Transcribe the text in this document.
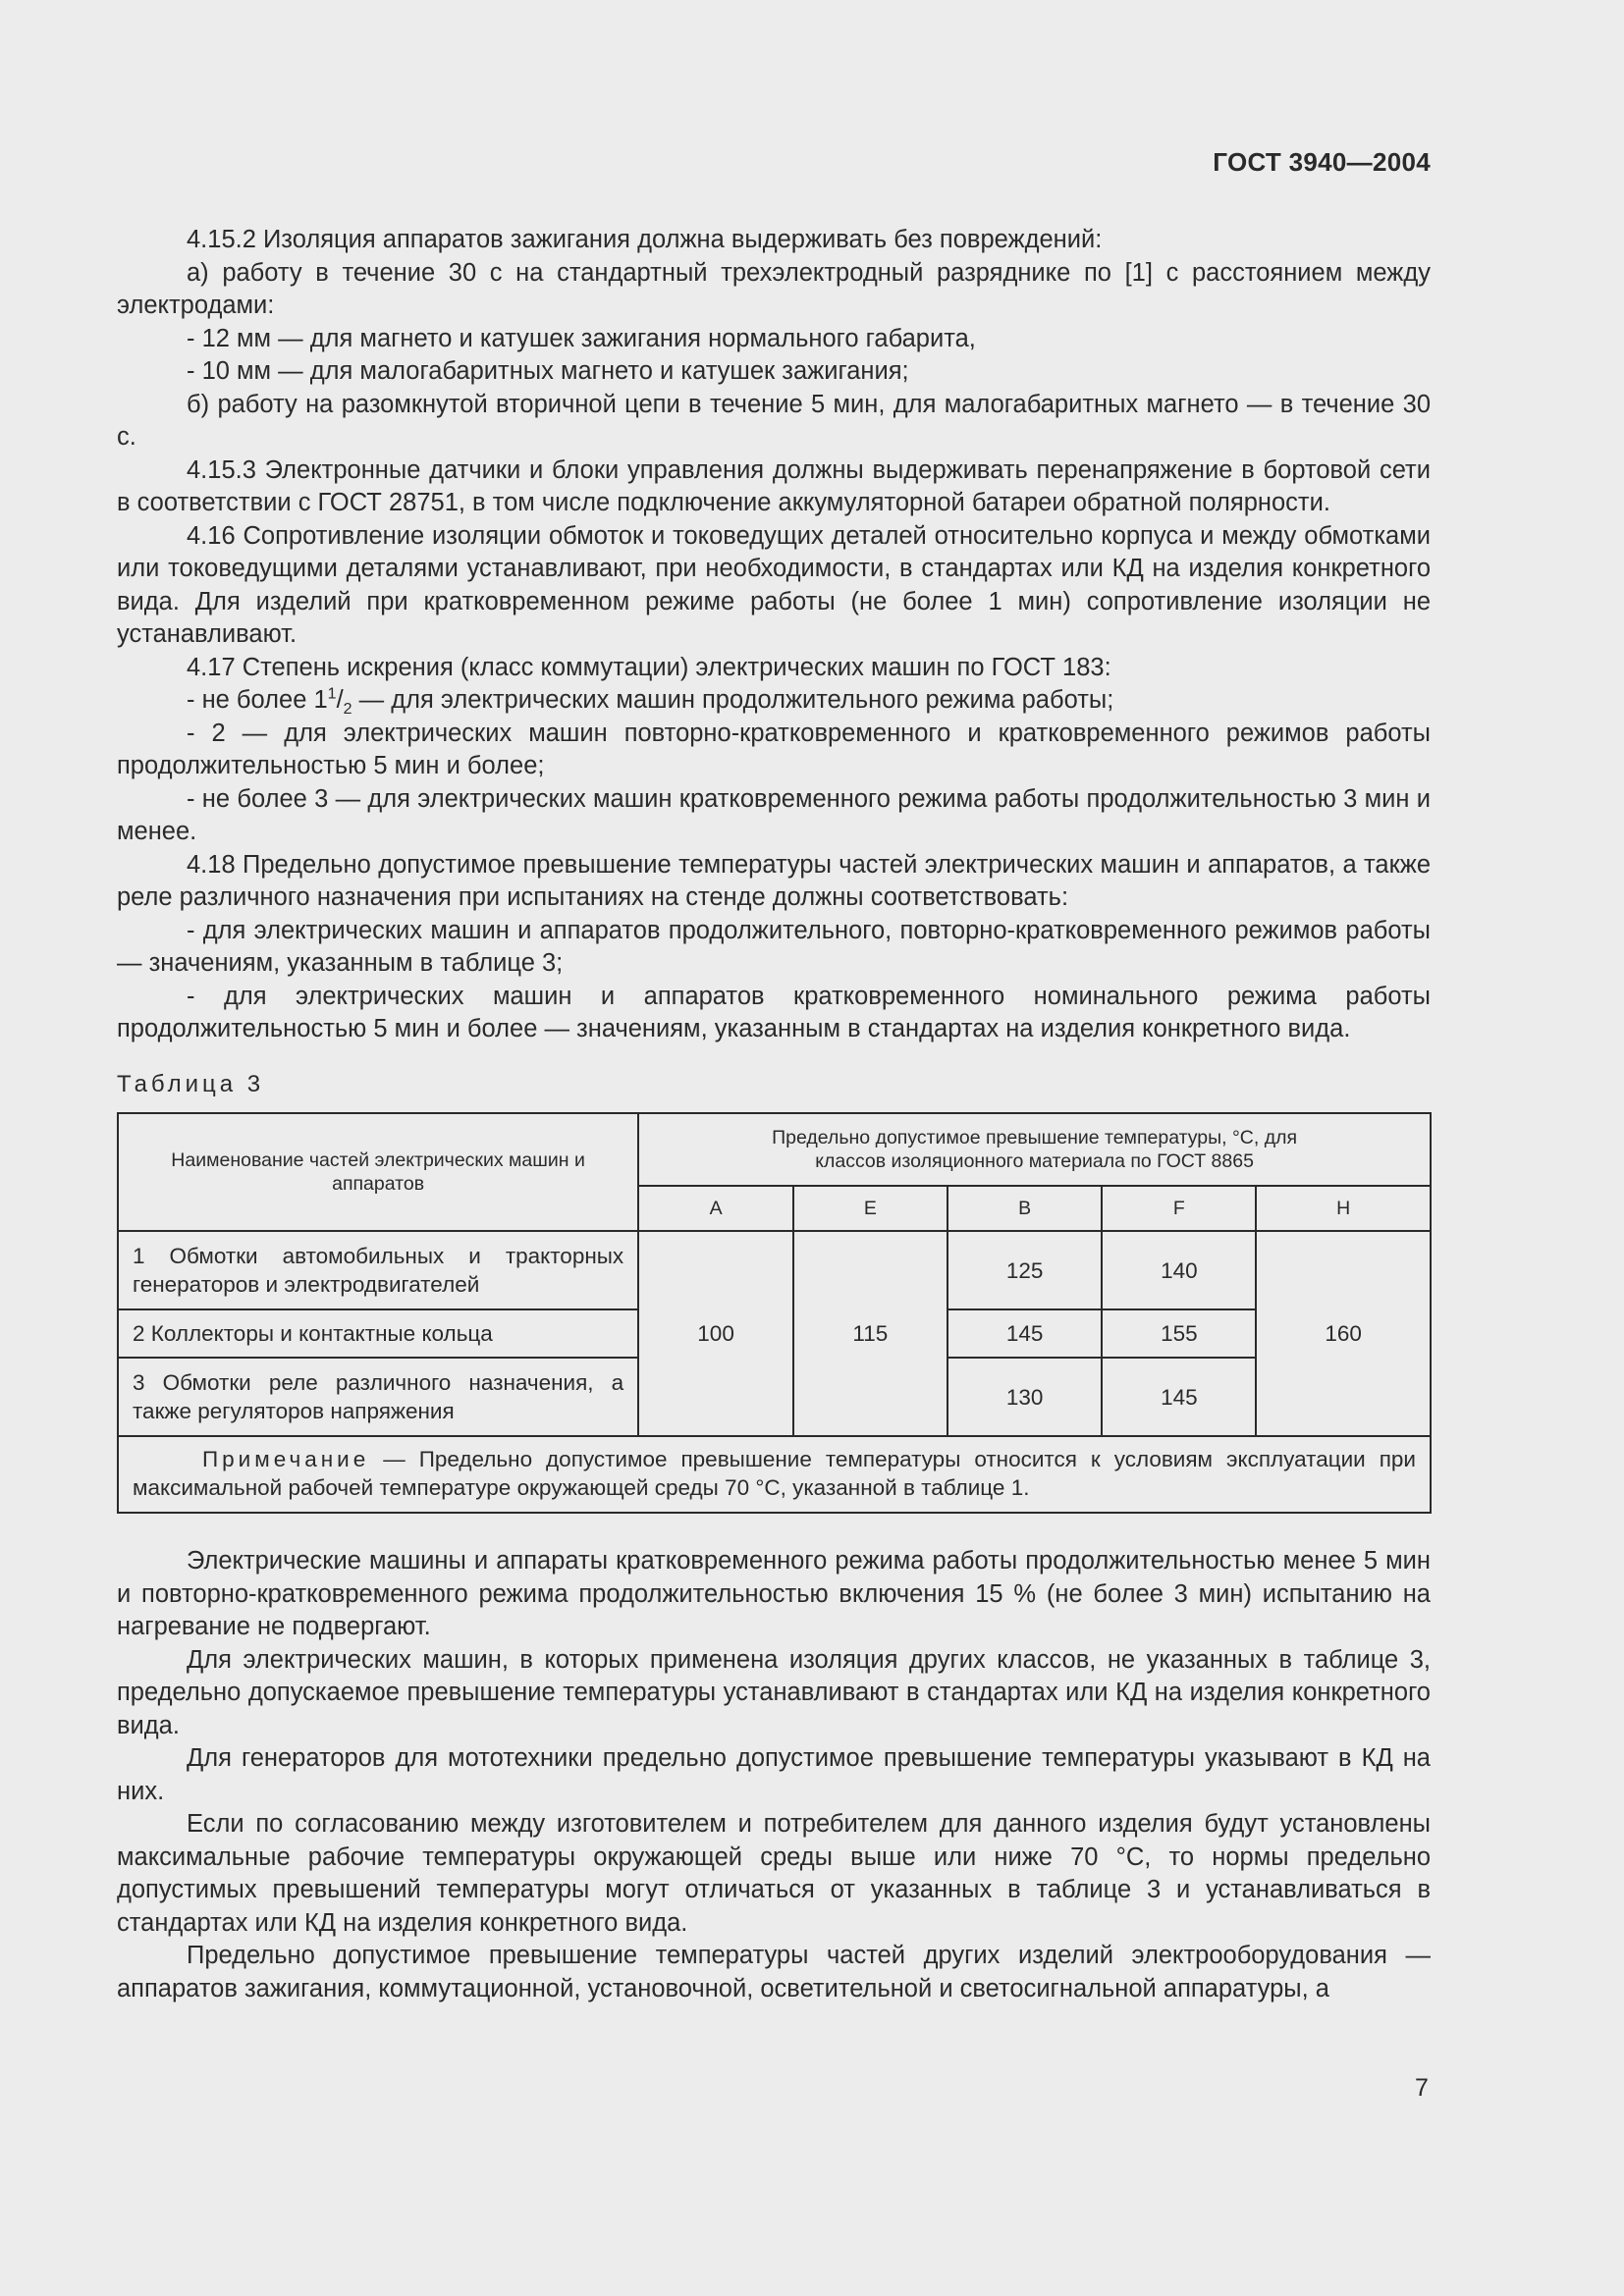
ГОСТ 3940—2004

4.15.2 Изоляция аппаратов зажигания должна выдерживать без повреждений:

а) работу в течение 30 с на стандартный трехэлектродный разряднике по [1] с расстоянием между электродами:

- 12 мм — для магнето и катушек зажигания нормального габарита,

- 10 мм — для малогабаритных магнето и катушек зажигания;

б) работу на разомкнутой вторичной цепи в течение 5 мин, для малогабаритных магнето — в течение 30 с.

4.15.3 Электронные датчики и блоки управления должны выдерживать перенапряжение в бортовой сети в соответствии с ГОСТ 28751, в том числе подключение аккумуляторной батареи обратной полярности.

4.16 Сопротивление изоляции обмоток и токоведущих деталей относительно корпуса и между обмотками или токоведущими деталями устанавливают, при необходимости, в стандартах или КД на изделия конкретного вида. Для изделий при кратковременном режиме работы (не более 1 мин) сопротивление изоляции не устанавливают.

4.17 Степень искрения (класс коммутации) электрических машин по ГОСТ 183:

- не более $1^1/_2$ — для электрических машин продолжительного режима работы;

- 2 — для электрических машин повторно-кратковременного и кратковременного режимов работы продолжительностью 5 мин и более;

- не более 3 — для электрических машин кратковременного режима работы продолжительностью 3 мин и менее.

4.18 Предельно допустимое превышение температуры частей электрических машин и аппаратов, а также реле различного назначения при испытаниях на стенде должны соответствовать:

- для электрических машин и аппаратов продолжительного, повторно-кратковременного режимов работы — значениям, указанным в таблице 3;

- для электрических машин и аппаратов кратковременного номинального режима работы продолжительностью 5 мин и более — значениям, указанным в стандартах на изделия конкретного вида.

Таблица 3
Наименование частей электрических машин и аппаратов	Предельно допустимое превышение температуры, °С, для классов изоляционного материала по ГОСТ 8865				
	A	E	B	F	H
1 Обмотки автомобильных и тракторных генераторов и электродвигателей	100	115	125	140	160
2 Коллекторы и контактные кольца			145	155	
3 Обмотки реле различного назначения, а также регуляторов напряжения			130	145	
Примечание — Предельно допустимое превышение температуры относится к условиям эксплуатации при максимальной рабочей температуре окружающей среды 70 °С, указанной в таблице 1.					

Электрические машины и аппараты кратковременного режима работы продолжительностью менее 5 мин и повторно-кратковременного режима продолжительностью включения 15 % (не более 3 мин) испытанию на нагревание не подвергают.

Для электрических машин, в которых применена изоляция других классов, не указанных в таблице 3, предельно допускаемое превышение температуры устанавливают в стандартах или КД на изделия конкретного вида.

Для генераторов для мототехники предельно допустимое превышение температуры указывают в КД на них.

Если по согласованию между изготовителем и потребителем для данного изделия будут установлены максимальные рабочие температуры окружающей среды выше или ниже 70 °С, то нормы предельно допустимых превышений температуры могут отличаться от указанных в таблице 3 и устанавливаться в стандартах или КД на изделия конкретного вида.

Предельно допустимое превышение температуры частей других изделий электрооборудования — аппаратов зажигания, коммутационной, установочной, осветительной и светосигнальной аппаратуры, а

7
